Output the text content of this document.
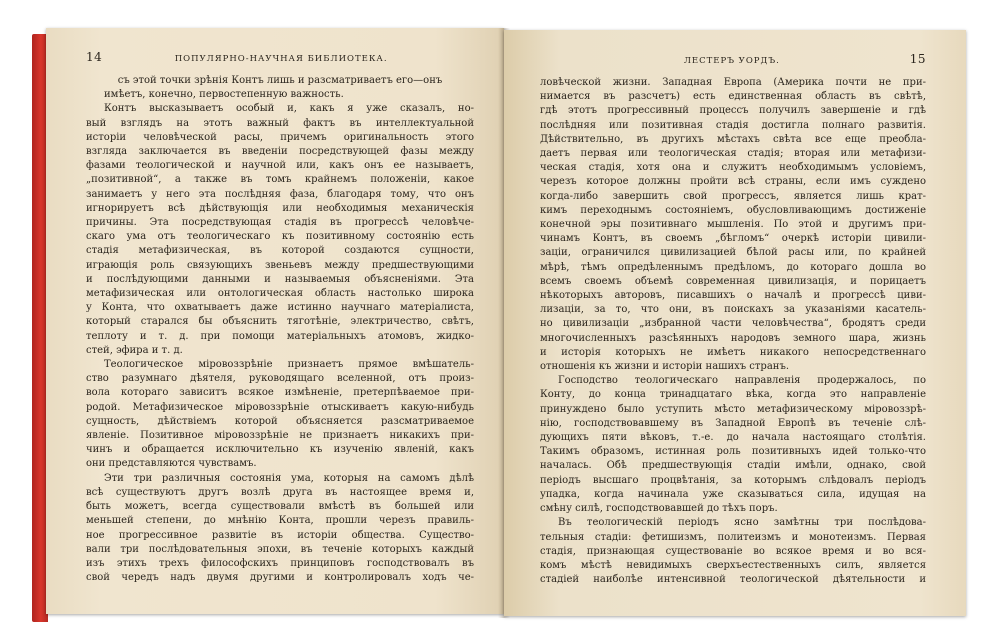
14	ПОПУЛЯРНО-НАУЧНАЯ БИБЛИОТЕКА.
съ этой точки зрѣнія Контъ лишь и разсматриваетъ его—онъ
имѣетъ, конечно, первостепенную важность.
Контъ высказываетъ особый и, какъ я уже сказалъ, но-
вый взглядъ на этотъ важный фактъ въ интеллектуальной
исторіи человѣческой расы, причемъ оригинальность этого
взгляда заключается въ введеніи посредствующей фазы между
фазами теологической и научной или, какъ онъ ее называетъ,
„позитивной“, а также въ томъ крайнемъ положеніи, какое
занимаетъ у него эта послѣдняя фаза, благодаря тому, что онъ
игнорируетъ всѣ дѣйствующія или необходимыя механическія
причины. Эта посредствующая стадія въ прогрессѣ человѣче-
скаго ума отъ теологическаго къ позитивному состоянію есть
стадія метафизическая, въ которой создаются сущности,
играющія роль связующихъ звеньевъ между предшествующими
и послѣдующими данными и называемыя объясненіями. Эта
метафизическая или онтологическая область настолько широка
у Конта, что охватываетъ даже истинно научнаго матеріалиста,
который старался бы объяснить тяготѣніе, электричество, свѣтъ,
теплоту и т. д. при помощи матеріальныхъ атомовъ, жидко-
стей, эфира и т. д.
Теологическое міровоззрѣніе признаетъ прямое вмѣшатель-
ство разумнаго дѣятеля, руководящаго вселенной, отъ произ-
вола котораго зависитъ всякое измѣненіе, претерпѣваемое при-
родой. Метафизическое міровоззрѣніе отыскиваетъ какую-нибудь
сущность, дѣйствіемъ которой объясняется разсматриваемое
явленіе. Позитивное міровоззрѣніе не признаетъ никакихъ при-
чинъ и обращается исключительно къ изученію явленій, какъ
они представляются чувствамъ.
Эти три различныя состоянія ума, которыя на самомъ дѣлѣ
всѣ существуютъ другъ возлѣ друга въ настоящее время и,
быть можетъ, всегда существовали вмѣстѣ въ большей или
меньшей степени, до мнѣнію Конта, прошли черезъ правиль-
ное прогрессивное развитіе въ исторіи общества. Существо-
вали три послѣдовательныя эпохи, въ теченіе которыхъ каждый
изъ этихъ трехъ философскихъ принциповъ господствовалъ въ
свой чередъ надъ двумя другими и контролировалъ ходъ че-
ЛЕСТЕРЪ УОРДЪ.	15
ловѣческой жизни. Западная Европа (Америка почти не при-
нимается въ разсчетъ) есть единственная область въ свѣтѣ,
гдѣ этотъ прогрессивный процессъ получилъ завершеніе и гдѣ
послѣдняя или позитивная стадія достигла полнаго развитія.
Дѣйствительно, въ другихъ мѣстахъ свѣта все еще преобла-
даетъ первая или теологическая стадія; вторая или метафизи-
ческая стадія, хотя она и служитъ необходимымъ условіемъ,
черезъ которое должны пройти всѣ страны, если имъ суждено
когда-либо завершить свой прогрессъ, является лишь крат-
кимъ переходнымъ состояніемъ, обусловливающимъ достиженіе
конечной эры позитивнаго мышленія. По этой и другимъ при-
чинамъ Контъ, въ своемъ „бѣгломъ“ очеркѣ исторіи цивили-
заціи, ограничился цивилизацией бѣлой расы или, по крайней
мѣрѣ, тѣмъ опредѣленнымъ предѣломъ, до котораго дошла во
всемъ своемъ объемѣ современная цивилизація, и порицаетъ
нѣкоторыхъ авторовъ, писавшихъ о началѣ и прогрессѣ циви-
лизаціи, за то, что они, въ поискахъ за указаніями касатель-
но цивилизаціи „избранной части человѣчества“, бродятъ среди
многочисленныхъ разсѣянныхъ народовъ земного шара, жизнь
и исторія которыхъ не имѣетъ никакого непосредственнаго
отношенія къ жизни и исторіи нашихъ странъ.
Господство теологическаго направленія продержалось, по
Конту, до конца тринадцатаго вѣка, когда это направленіе
принуждено было уступить мѣсто метафизическому міровоззрѣ-
нію, господствовавшему въ Западной Европѣ въ теченіе слѣ-
дующихъ пяти вѣковъ, т.-е. до начала настоящаго столѣтія.
Такимъ образомъ, истинная роль позитивныхъ идей только-что
началась. Обѣ предшествующія стадіи имѣли, однако, свой
періодъ высшаго процвѣтанія, за которымъ слѣдовалъ періодъ
упадка, когда начинала уже сказываться сила, идущая на
смѣну силѣ, господствовавшей до тѣхъ поръ.
Въ теологическій періодъ ясно замѣтны три послѣдова-
тельныя стадіи: фетишизмъ, политеизмъ и монотеизмъ. Первая
стадія, признающая существованіе во всякое время и во вся-
комъ мѣстѣ невидимыхъ сверхъестественныхъ силъ, является
стадіей наиболѣе интенсивной теологической дѣятельности и
